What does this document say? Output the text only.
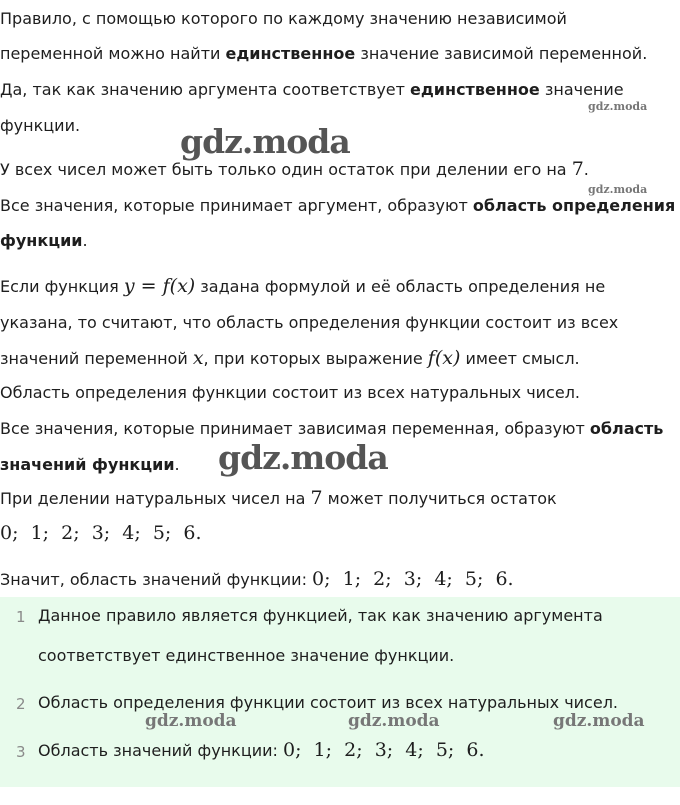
Правило, с помощью которого по каждому значению независимой
переменной можно найти единственное значение зависимой переменной.
Да, так как значению аргумента соответствует единственное значение
функции.
У всех чисел может быть только один остаток при делении его на 7.
Все значения, которые принимает аргумент, образуют область определения
функции.
Если функция y = f(x) задана формулой и её область определения не
указана, то считают, что область определения функции состоит из всех
значений переменной x, при которых выражение f(x) имеет смысл.
Область определения функции состоит из всех натуральных чисел.
Все значения, которые принимает зависимая переменная, образуют область
значений функции.
При делении натуральных чисел на 7 может получиться остаток
0;  1;  2;  3;  4;  5;  6.
Значит, область значений функции: 0;  1;  2;  3;  4;  5;  6.
1 Данное правило является функцией, так как значению аргумента
соответствует единственное значение функции.
2 Область определения функции состоит из всех натуральных чисел.
3 Область значений функции: 0;  1;  2;  3;  4;  5;  6.
gdz.moda
gdz.moda
gdz.moda
gdz.moda
gdz.moda	gdz.moda	gdz.moda
